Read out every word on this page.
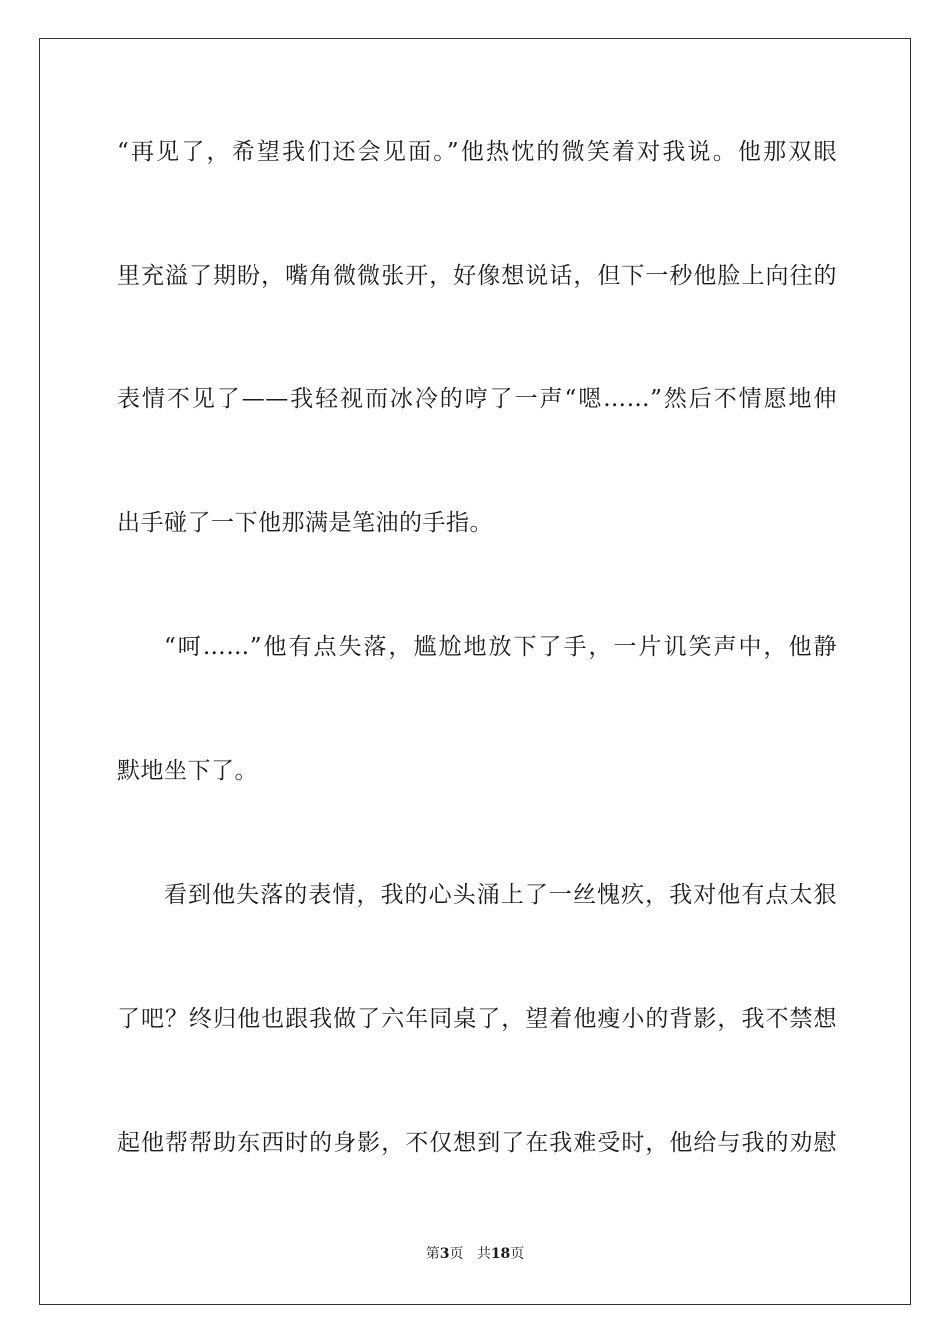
“再见了，希望我们还会见面。”他热忱的微笑着对我说。他那双眼
里充溢了期盼，嘴角微微张开，好像想说话，但下一秒他脸上向往的
表情不见了——我轻视而冰冷的哼了一声“嗯……”然后不情愿地伸
出手碰了一下他那满是笔油的手指。
“呵……”他有点失落，尴尬地放下了手，一片讥笑声中，他静
默地坐下了。
看到他失落的表情，我的心头涌上了一丝愧疚，我对他有点太狠
了吧？终归他也跟我做了六年同桌了，望着他瘦小的背影，我不禁想
起他帮帮助东西时的身影，不仅想到了在我难受时，他给与我的劝慰
第3页 共18页
